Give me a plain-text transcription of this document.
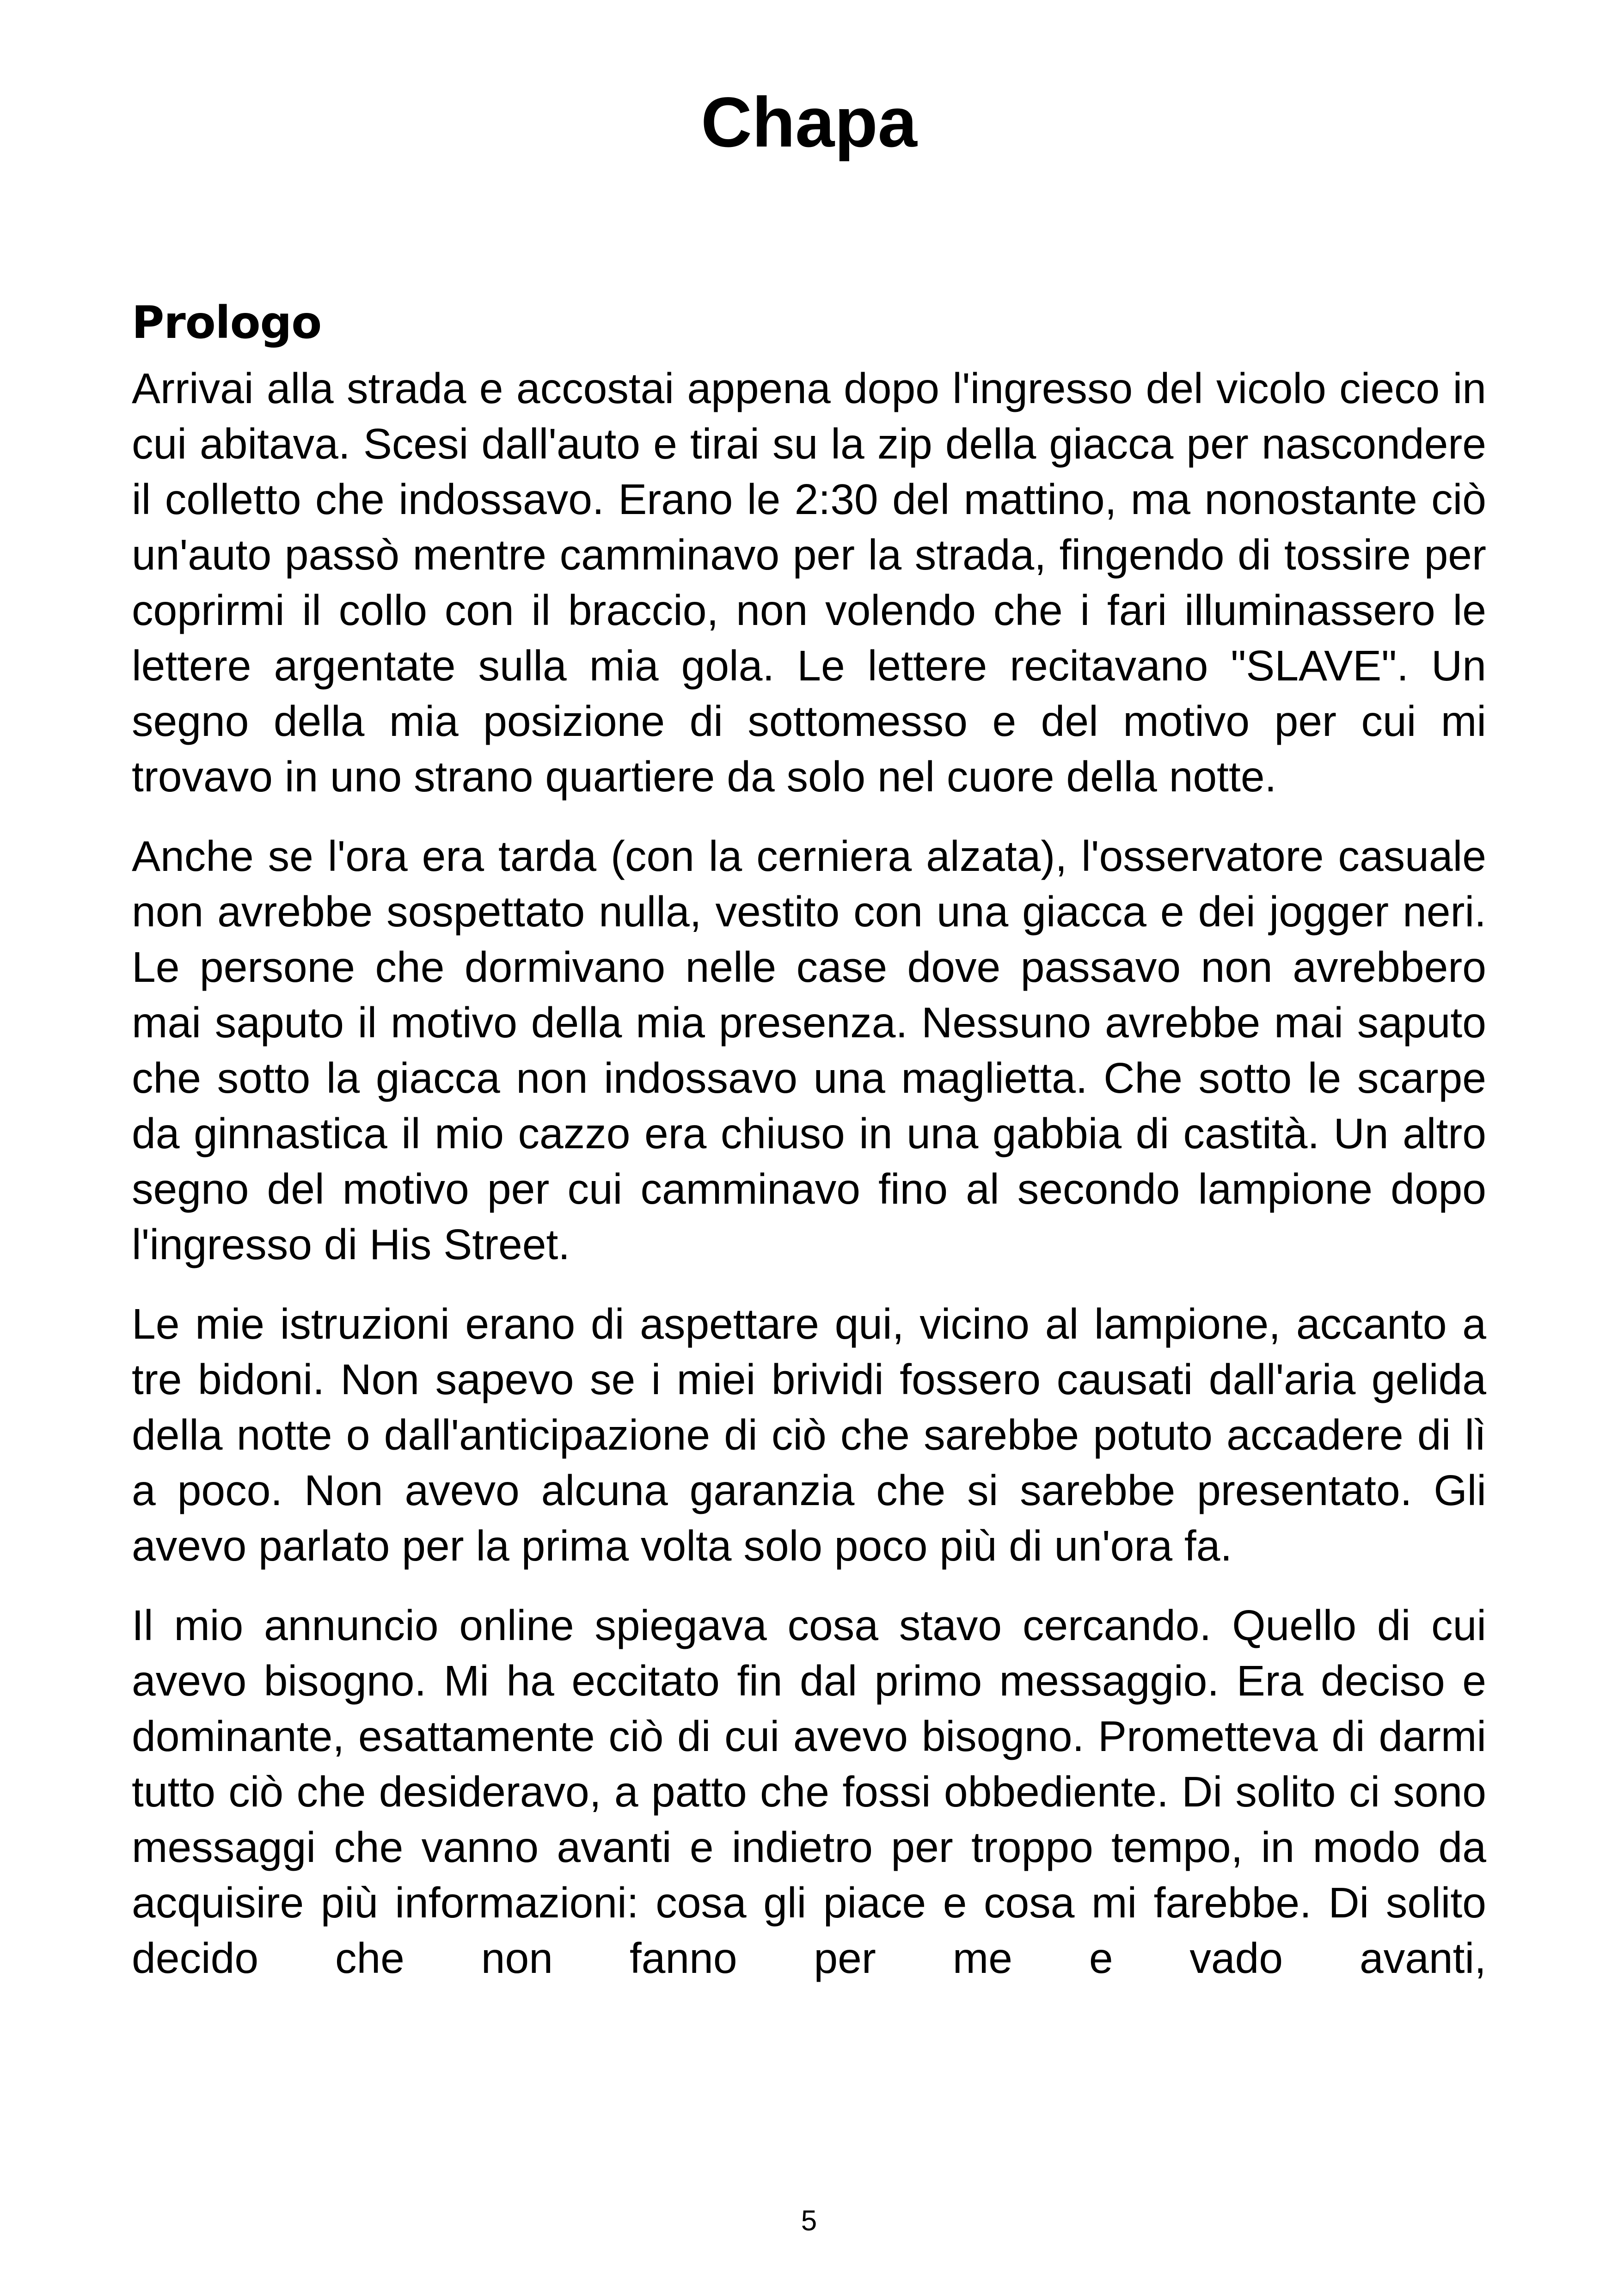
Chapa
Prologo

Arrivai alla strada e accostai appena dopo l'ingresso del vicolo cieco in cui abitava. Scesi dall'auto e tirai su la zip della giacca per nascondere il colletto che indossavo. Erano le 2:30 del mattino, ma nonostante ciò un'auto passò mentre camminavo per la strada, fingendo di tossire per coprirmi il collo con il braccio, non volendo che i fari illuminassero le lettere argentate sulla mia gola. Le lettere recitavano "SLAVE". Un segno della mia posizione di sottomesso e del motivo per cui mi trovavo in uno strano quartiere da solo nel cuore della notte.

Anche se l'ora era tarda (con la cerniera alzata), l'osservatore casuale non avrebbe sospettato nulla, vestito con una giacca e dei jogger neri. Le persone che dormivano nelle case dove passavo non avrebbero mai saputo il motivo della mia presenza. Nessuno avrebbe mai saputo che sotto la giacca non indossavo una maglietta. Che sotto le scarpe da ginnastica il mio cazzo era chiuso in una gabbia di castità. Un altro segno del motivo per cui camminavo fino al secondo lampione dopo l'ingresso di His Street.

Le mie istruzioni erano di aspettare qui, vicino al lampione, accanto a tre bidoni. Non sapevo se i miei brividi fossero causati dall'aria gelida della notte o dall'anticipazione di ciò che sarebbe potuto accadere di lì a poco. Non avevo alcuna garanzia che si sarebbe presentato. Gli avevo parlato per la prima volta solo poco più di un'ora fa.

Il mio annuncio online spiegava cosa stavo cercando. Quello di cui avevo bisogno. Mi ha eccitato fin dal primo messaggio. Era deciso e dominante, esattamente ciò di cui avevo bisogno. Prometteva di darmi tutto ciò che desideravo, a patto che fossi obbediente. Di solito ci sono messaggi che vanno avanti e indietro per troppo tempo, in modo da acquisire più informazioni: cosa gli piace e cosa mi farebbe. Di solito decido che non fanno per me e vado avanti,

5
